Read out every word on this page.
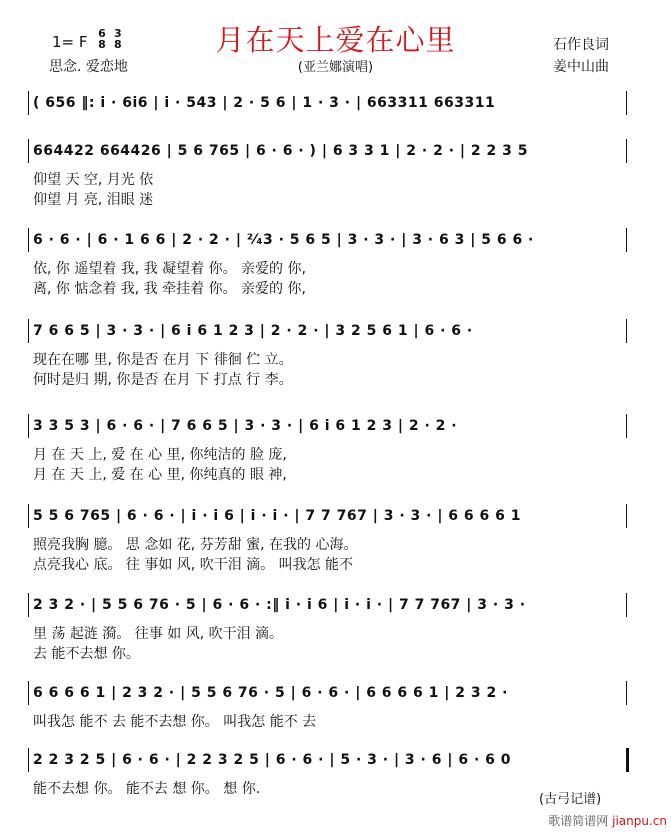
月在天上爱在心里
1= F 6
8 3
8
思念. 爱恋地	(亚兰娜演唱)
石作良词
姜中山曲
( 656 ‖: i · 6i6 | i · 543 | 2 · 5 6 | 1 · 3 · | 663311 663311
664422 664426 | 5 6 765 | 6 · 6 · ) | 6 3 3 1 | 2 · 2 · | 2 2 3 5
仰望 天 空, 月光 依
仰望 月 亮, 泪眼 迷
6 · 6 · | 6 · 1 6 6 | 2 · 2 · | ²⁄₄3 · 5 6 5 | 3 · 3 · | 3 · 6 3 | 5 6 6 ·
依, 你 遥望着 我, 我 凝望着 你。 亲爱的 你,
离, 你 惦念着 我, 我 牵挂着 你。 亲爱的 你,
7 6 6 5 | 3 · 3 · | 6 i 6 1 2 3 | 2 · 2 · | 3 2 5 6 1 | 6 · 6 ·
现在在哪 里, 你是否 在月 下 徘徊 伫 立。
何时是归 期, 你是否 在月 下 打点 行 李。
3 3 5 3 | 6 · 6 · | 7 6 6 5 | 3 · 3 · | 6 i 6 1 2 3 | 2 · 2 ·
月 在 天 上, 爱 在 心 里, 你纯洁的 脸 庞,
月 在 天 上, 爱 在 心 里, 你纯真的 眼 神,
5 5 6 765 | 6 · 6 · | i · i 6 | i · i · | 7 7 767 | 3 · 3 · | 6 6 6 6 1
照亮我胸 臆。 思 念如 花, 芬芳甜 蜜, 在我的 心海。
点亮我心 底。 往 事如 风, 吹干泪 滴。 叫我怎 能不
2 3 2 · | 5 5 6 76 · 5 | 6 · 6 · :‖ i · i 6 | i · i · | 7 7 767 | 3 · 3 ·
里 荡 起涟 漪。 往事 如 风, 吹干泪 滴。
去 能不去想 你。
6 6 6 6 1 | 2 3 2 · | 5 5 6 76 · 5 | 6 · 6 · | 6 6 6 6 1 | 2 3 2 ·
叫我怎 能不 去 能不去想 你。 叫我怎 能不 去
2 2 3 2 5 | 6 · 6 · | 2 2 3 2 5 | 6 · 6 · | 5 · 3 · | 3 · 6 | 6 · 6 0
能不去想 你。 能不去 想 你。 想 你.
(古弓记谱)
歌谱简谱网 jianpu.cn
